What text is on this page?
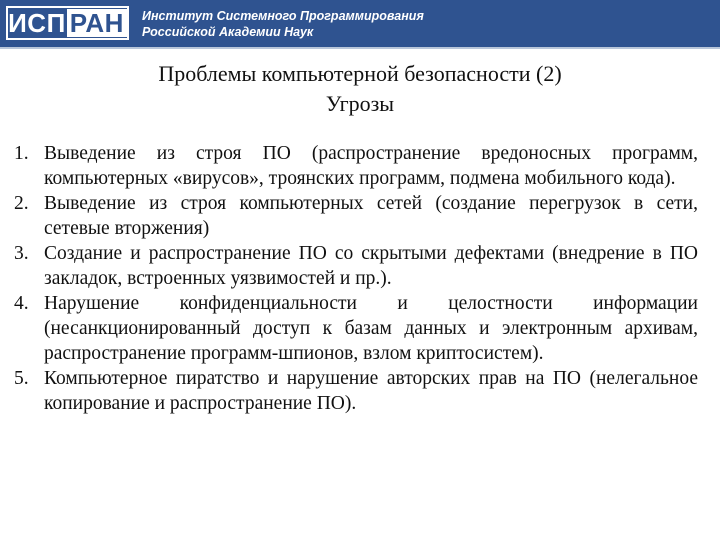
ИСП РАН Институт Системного Программирования
Российской Академии Наук
Проблемы компьютерной безопасности (2)
Угрозы
1. Выведение из строя ПО (распространение вредоносных программ, компьютерных «вирусов», троянских программ, подмена мобильного кода).
2. Выведение из строя компьютерных сетей (создание перегрузок в сети, сетевые вторжения)
3. Создание и распространение ПО со скрытыми дефектами (внедрение в ПО закладок, встроенных уязвимостей и пр.).
4. Нарушение конфиденциальности и целостности информации (несанкционированный доступ к базам данных и электронным архивам, распространение программ-шпионов, взлом криптосистем).
5. Компьютерное пиратство и нарушение авторских прав на ПО (нелегальное копирование и распространение ПО).
